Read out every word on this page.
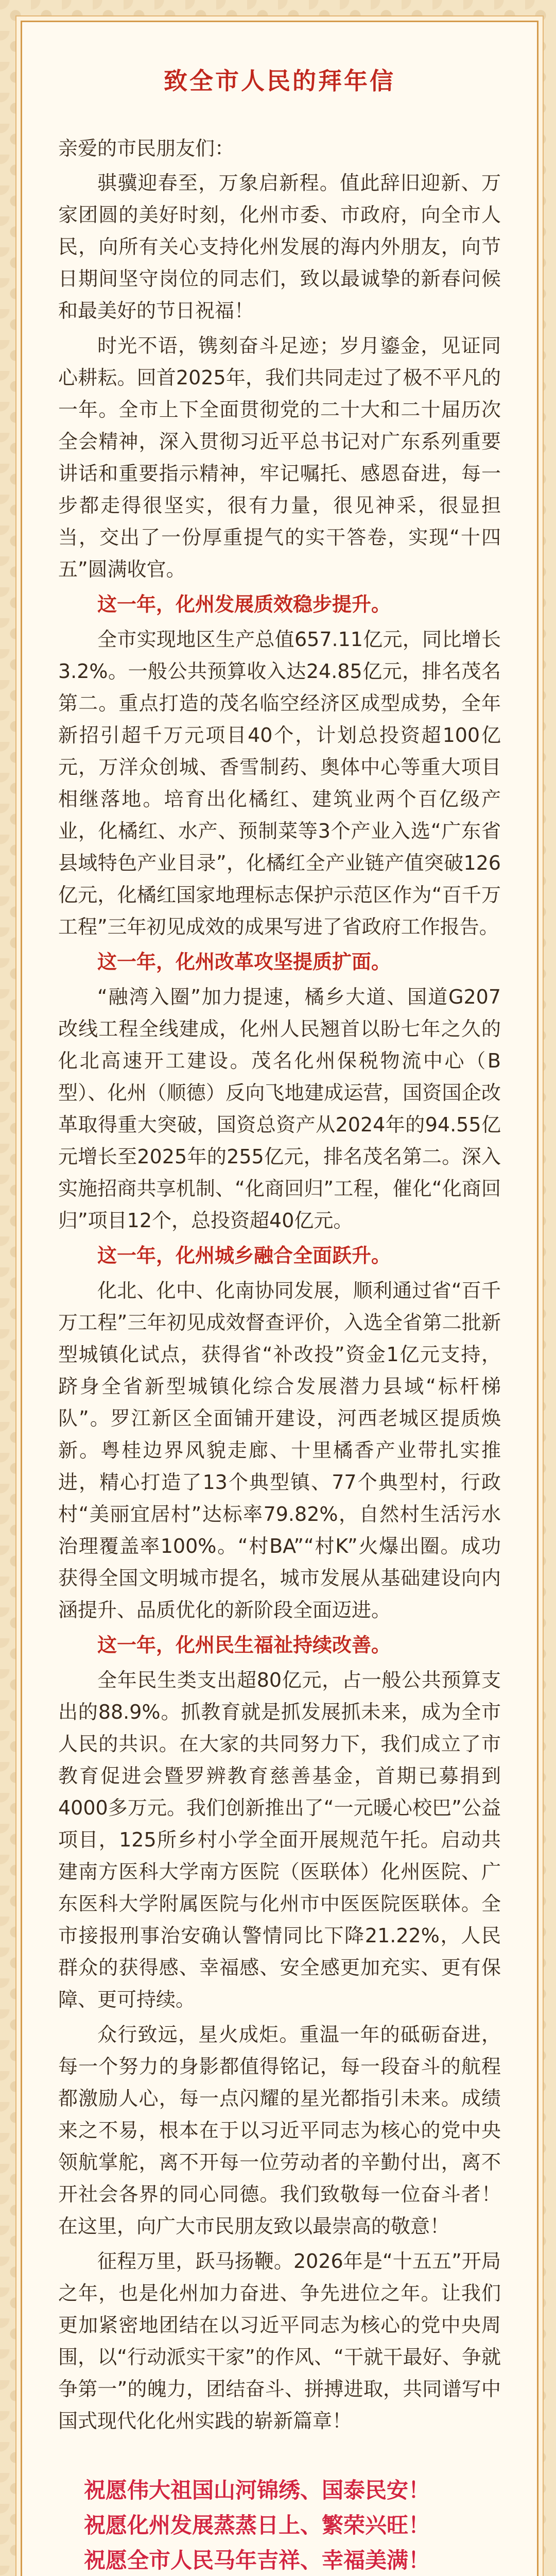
致全市人民的拜年信
亲爱的市民朋友们：

骐骥迎春至，万象启新程。值此辞旧迎新、万家团圆的美好时刻，化州市委、市政府，向全市人民，向所有关心支持化州发展的海内外朋友，向节日期间坚守岗位的同志们，致以最诚挚的新春问候和最美好的节日祝福！

时光不语，镌刻奋斗足迹；岁月鎏金，见证同心耕耘。回首2025年，我们共同走过了极不平凡的一年。全市上下全面贯彻党的二十大和二十届历次全会精神，深入贯彻习近平总书记对广东系列重要讲话和重要指示精神，牢记嘱托、感恩奋进，每一步都走得很坚实，很有力量，很见神采，很显担当，交出了一份厚重提气的实干答卷，实现“十四五”圆满收官。

这一年，化州发展质效稳步提升。

全市实现地区生产总值657.11亿元，同比增长3.2%。一般公共预算收入达24.85亿元，排名茂名第二。重点打造的茂名临空经济区成型成势，全年新招引超千万元项目40个，计划总投资超100亿元，万洋众创城、香雪制药、奥体中心等重大项目相继落地。培育出化橘红、建筑业两个百亿级产业，化橘红、水产、预制菜等3个产业入选“广东省县域特色产业目录”，化橘红全产业链产值突破126亿元，化橘红国家地理标志保护示范区作为“百千万工程”三年初见成效的成果写进了省政府工作报告。

这一年，化州改革攻坚提质扩面。

“融湾入圈”加力提速，橘乡大道、国道G207改线工程全线建成，化州人民翘首以盼七年之久的化北高速开工建设。茂名化州保税物流中心（B型）、化州（顺德）反向飞地建成运营，国资国企改革取得重大突破，国资总资产从2024年的94.55亿元增长至2025年的255亿元，排名茂名第二。深入实施招商共享机制、“化商回归”工程，催化“化商回归”项目12个，总投资超40亿元。

这一年，化州城乡融合全面跃升。

化北、化中、化南协同发展，顺利通过省“百千万工程”三年初见成效督查评价，入选全省第二批新型城镇化试点，获得省“补改投”资金1亿元支持，跻身全省新型城镇化综合发展潜力县域“标杆梯队”。罗江新区全面铺开建设，河西老城区提质焕新。粤桂边界风貌走廊、十里橘香产业带扎实推进，精心打造了13个典型镇、77个典型村，行政村“美丽宜居村”达标率79.82%，自然村生活污水治理覆盖率100%。“村BA”“村K”火爆出圈。成功获得全国文明城市提名，城市发展从基础建设向内涵提升、品质优化的新阶段全面迈进。

这一年，化州民生福祉持续改善。

全年民生类支出超80亿元，占一般公共预算支出的88.9%。抓教育就是抓发展抓未来，成为全市人民的共识。在大家的共同努力下，我们成立了市教育促进会暨罗辨教育慈善基金，首期已募捐到4000多万元。我们创新推出了“一元暖心校巴”公益项目，125所乡村小学全面开展规范午托。启动共建南方医科大学南方医院（医联体）化州医院、广东医科大学附属医院与化州市中医医院医联体。全市接报刑事治安确认警情同比下降21.22%，人民群众的获得感、幸福感、安全感更加充实、更有保障、更可持续。

众行致远，星火成炬。重温一年的砥砺奋进，每一个努力的身影都值得铭记，每一段奋斗的航程都激励人心，每一点闪耀的星光都指引未来。成绩来之不易，根本在于以习近平同志为核心的党中央领航掌舵，离不开每一位劳动者的辛勤付出，离不开社会各界的同心同德。我们致敬每一位奋斗者！在这里，向广大市民朋友致以最崇高的敬意！

征程万里，跃马扬鞭。2026年是“十五五”开局之年，也是化州加力奋进、争先进位之年。让我们更加紧密地团结在以习近平同志为核心的党中央周围，以“行动派实干家”的作风、“干就干最好、争就争第一”的魄力，团结奋斗、拼搏进取，共同谱写中国式现代化化州实践的崭新篇章！

祝愿伟大祖国山河锦绣、国泰民安！
祝愿化州发展蒸蒸日上、繁荣兴旺！
祝愿全市人民马年吉祥、幸福美满！
